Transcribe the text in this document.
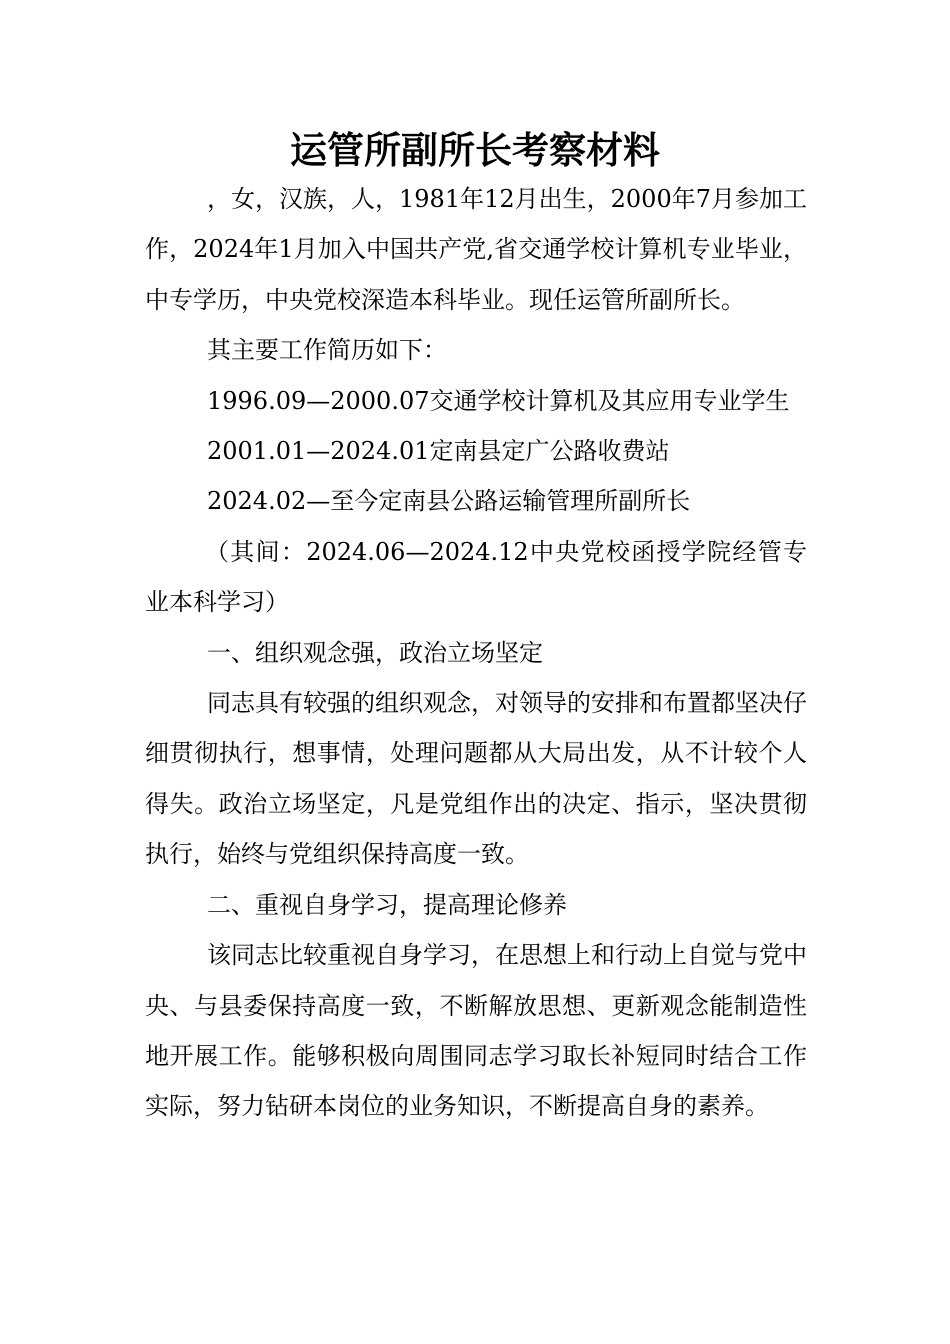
运管所副所长考察材料

，女，汉族，人，1981年12月出生，2000年7月参加工作，2024年1月加入中国共产党,省交通学校计算机专业毕业，中专学历，中央党校深造本科毕业。现任运管所副所长。

其主要工作简历如下：

1996.09—2000.07交通学校计算机及其应用专业学生

2001.01—2024.01定南县定广公路收费站

2024.02—至今定南县公路运输管理所副所长

（其间：2024.06—2024.12中央党校函授学院经管专业本科学习）

一、组织观念强，政治立场坚定

同志具有较强的组织观念，对领导的安排和布置都坚决仔细贯彻执行，想事情，处理问题都从大局出发，从不计较个人得失。政治立场坚定，凡是党组作出的决定、指示，坚决贯彻执行，始终与党组织保持高度一致。

二、重视自身学习，提高理论修养

该同志比较重视自身学习，在思想上和行动上自觉与党中央、与县委保持高度一致，不断解放思想、更新观念能制造性地开展工作。能够积极向周围同志学习取长补短同时结合工作实际，努力钻研本岗位的业务知识，不断提高自身的素养。
